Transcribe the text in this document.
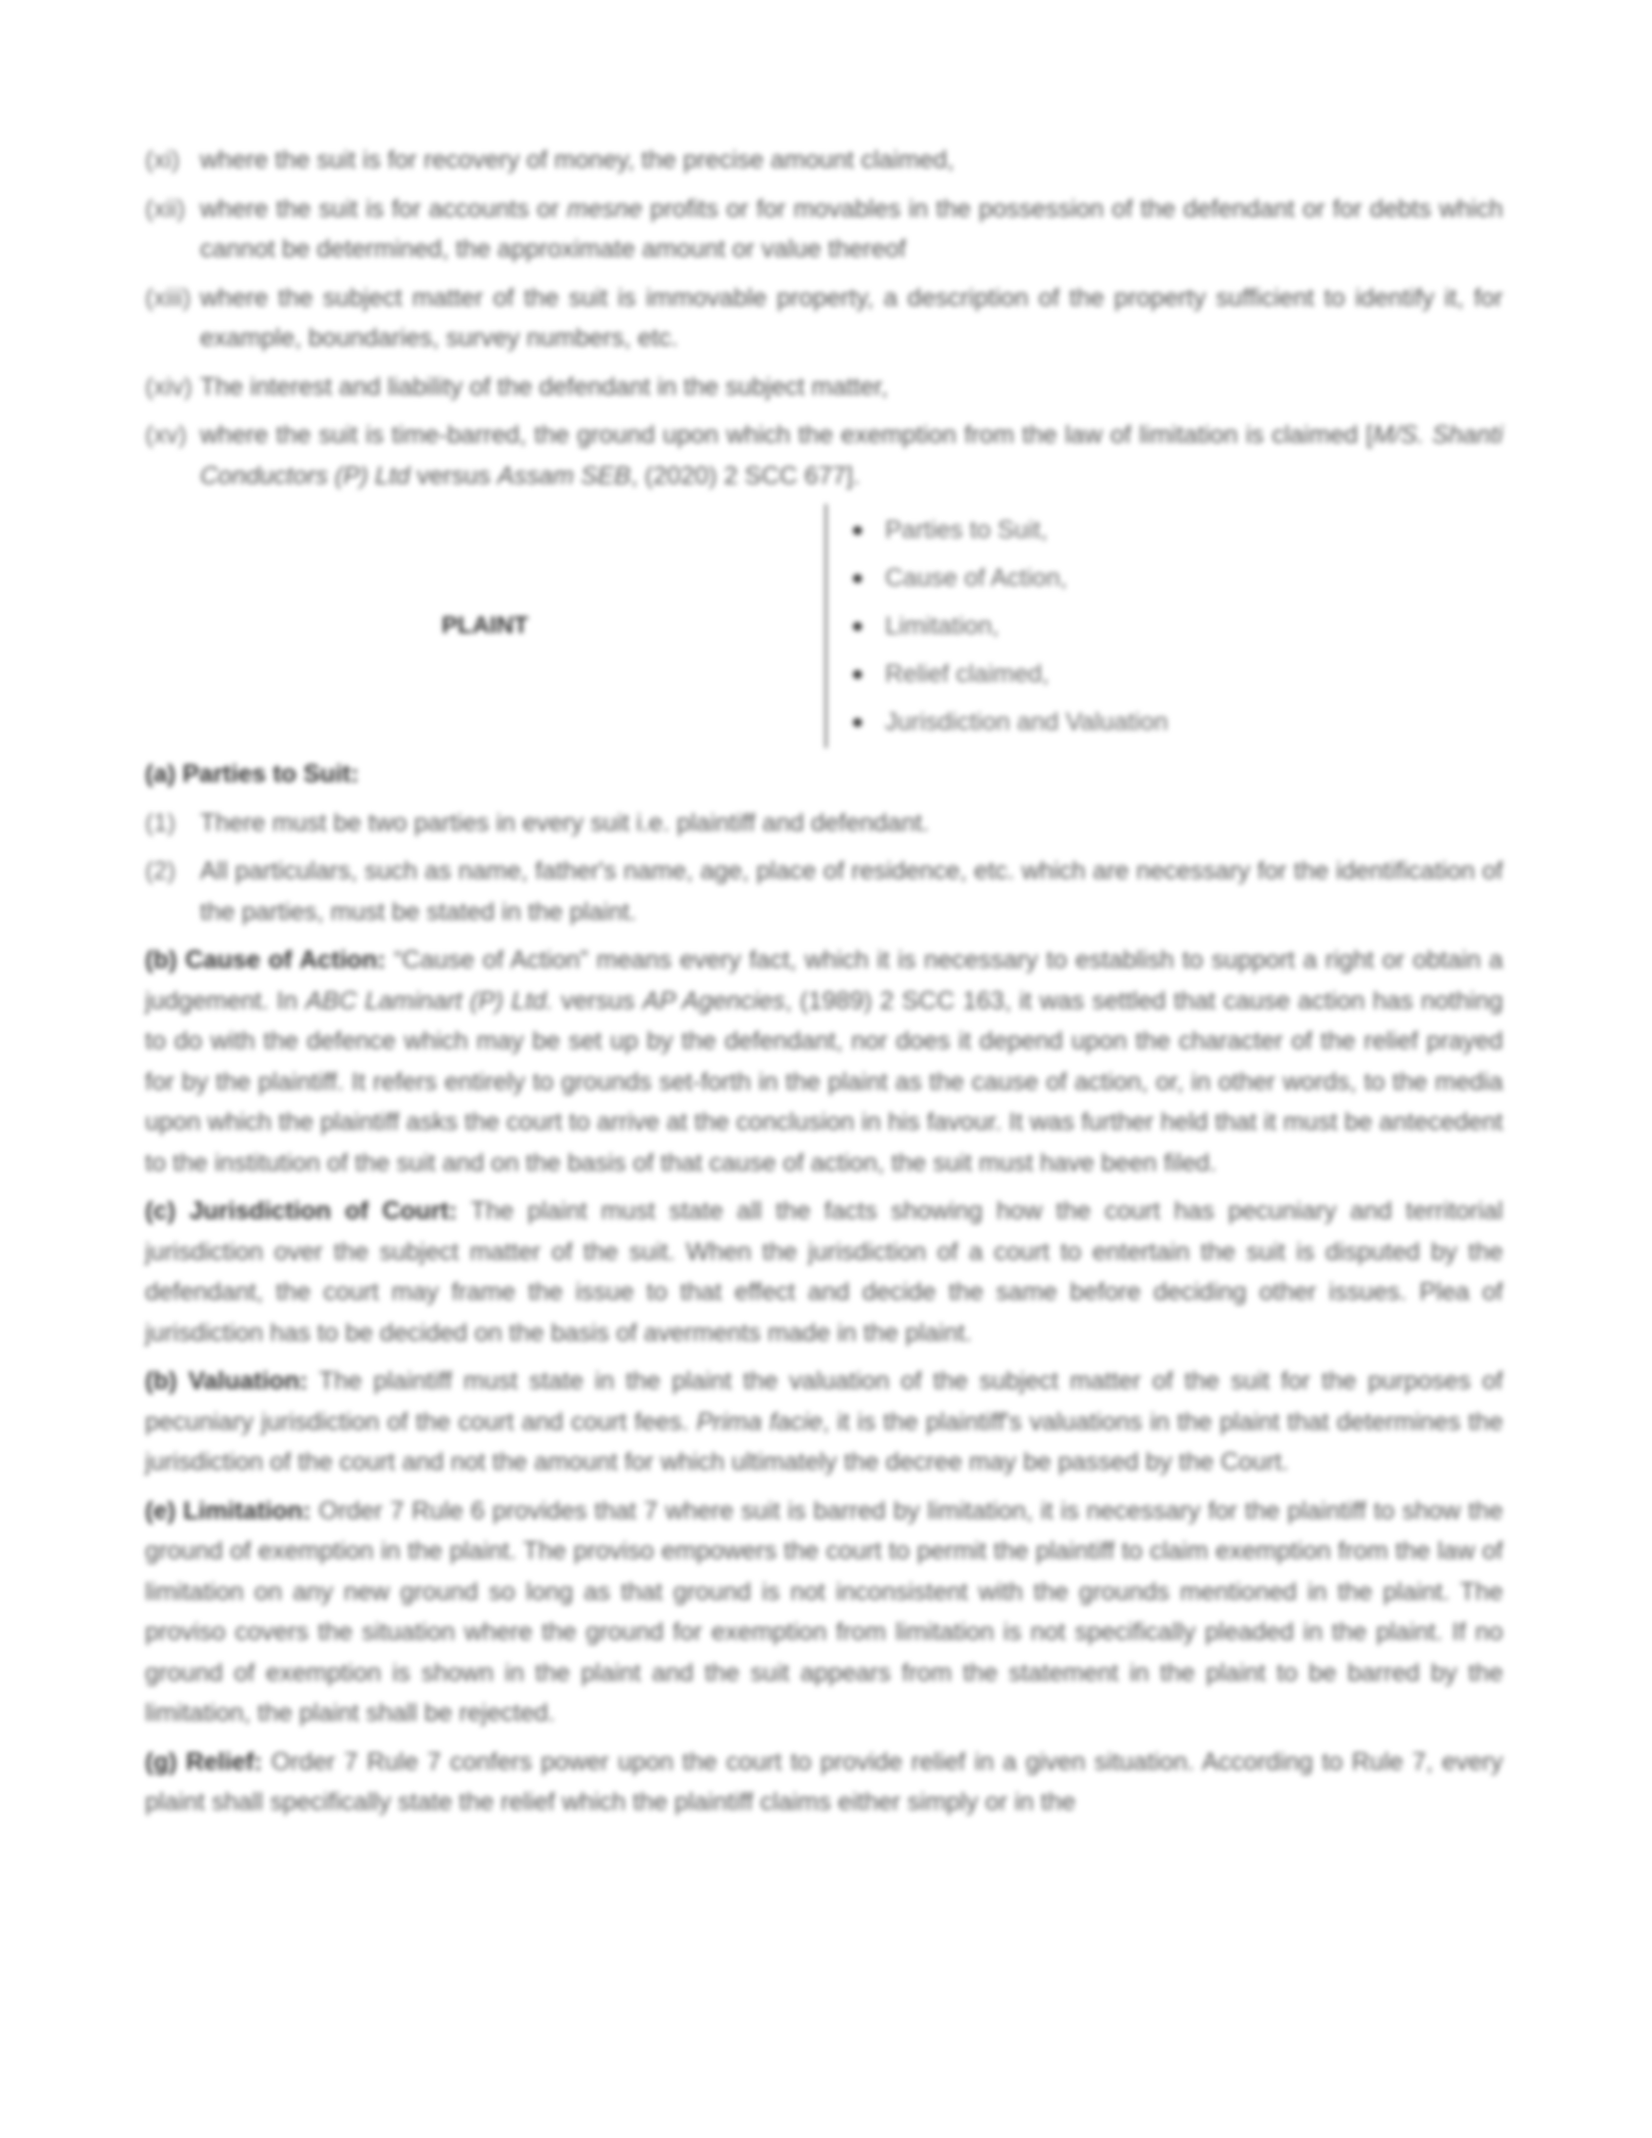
(xi) where the suit is for recovery of money, the precise amount claimed,
(xii) where the suit is for accounts or mesne profits or for movables in the possession of the defendant or for debts which cannot be determined, the approximate amount or value thereof
(xiii) where the subject matter of the suit is immovable property, a description of the property sufficient to identify it, for example, boundaries, survey numbers, etc.
(xiv) The interest and liability of the defendant in the subject matter,
(xv) where the suit is time-barred, the ground upon which the exemption from the law of limitation is claimed [M/S. Shanti Conductors (P) Ltd versus Assam SEB, (2020) 2 SCC 677].
PLAINT
Parties to Suit,
Cause of Action,
Limitation,
Relief claimed,
Jurisdiction and Valuation
(a) Parties to Suit:
(1) There must be two parties in every suit i.e. plaintiff and defendant.
(2) All particulars, such as name, father's name, age, place of residence, etc. which are necessary for the identification of the parties, must be stated in the plaint.
(b) Cause of Action: “Cause of Action” means every fact, which it is necessary to establish to support a right or obtain a judgement. In ABC Laminart (P) Ltd. versus AP Agencies, (1989) 2 SCC 163, it was settled that cause action has nothing to do with the defence which may be set up by the defendant, nor does it depend upon the character of the relief prayed for by the plaintiff. It refers entirely to grounds set-forth in the plaint as the cause of action, or, in other words, to the media upon which the plaintiff asks the court to arrive at the conclusion in his favour. It was further held that it must be antecedent to the institution of the suit and on the basis of that cause of action, the suit must have been filed.
(c) Jurisdiction of Court: The plaint must state all the facts showing how the court has pecuniary and territorial jurisdiction over the subject matter of the suit. When the jurisdiction of a court to entertain the suit is disputed by the defendant, the court may frame the issue to that effect and decide the same before deciding other issues. Plea of jurisdiction has to be decided on the basis of averments made in the plaint.
(b) Valuation: The plaintiff must state in the plaint the valuation of the subject matter of the suit for the purposes of pecuniary jurisdiction of the court and court fees. Prima facie, it is the plaintiff's valuations in the plaint that determines the jurisdiction of the court and not the amount for which ultimately the decree may be passed by the Court.
(e) Limitation: Order 7 Rule 6 provides that 7 where suit is barred by limitation, it is necessary for the plaintiff to show the ground of exemption in the plaint. The proviso empowers the court to permit the plaintiff to claim exemption from the law of limitation on any new ground so long as that ground is not inconsistent with the grounds mentioned in the plaint. The proviso covers the situation where the ground for exemption from limitation is not specifically pleaded in the plaint. If no ground of exemption is shown in the plaint and the suit appears from the statement in the plaint to be barred by the limitation, the plaint shall be rejected.
(g) Relief: Order 7 Rule 7 confers power upon the court to provide relief in a given situation. According to Rule 7, every plaint shall specifically state the relief which the plaintiff claims either simply or in the
